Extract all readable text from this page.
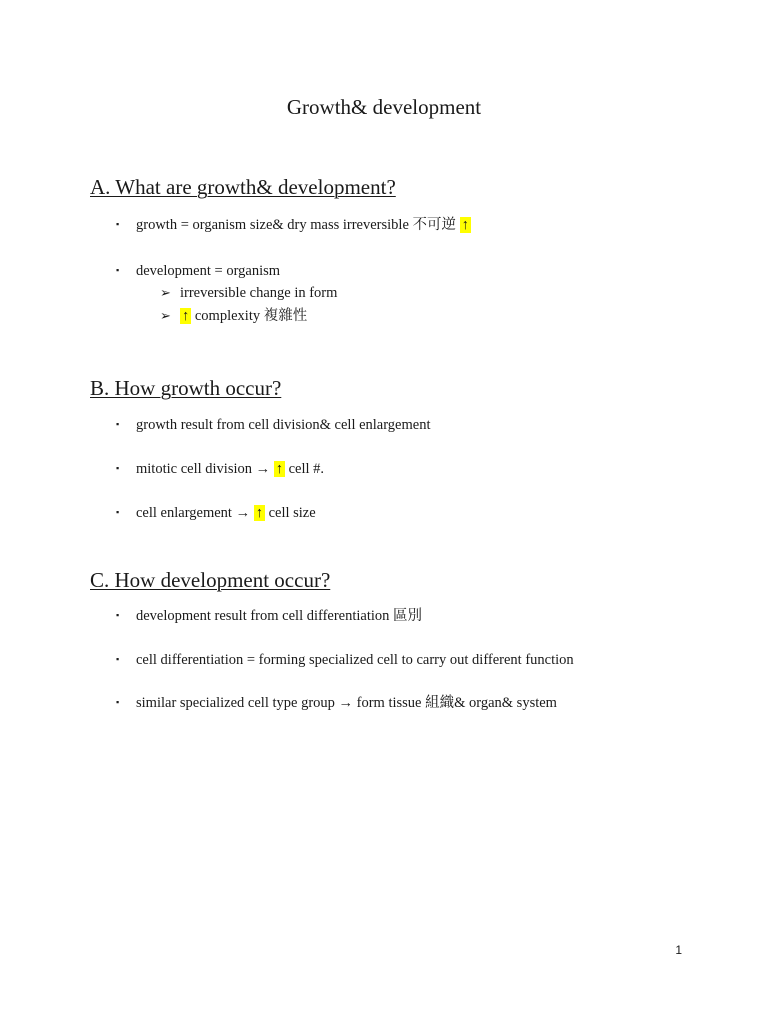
Growth& development
A. What are growth& development?
▪ growth = organism size& dry mass irreversible 不可逆 ↑
▪ development = organism
➢ irreversible change in form
➢ ↑ complexity 複雜性
B. How growth occur?
▪ growth result from cell division& cell enlargement
▪ mitotic cell division → ↑ cell #.
▪ cell enlargement → ↑ cell size
C. How development occur?
▪ development result from cell differentiation 區別
▪ cell differentiation = forming specialized cell to carry out different function
▪ similar specialized cell type group → form tissue 組織& organ& system
1
